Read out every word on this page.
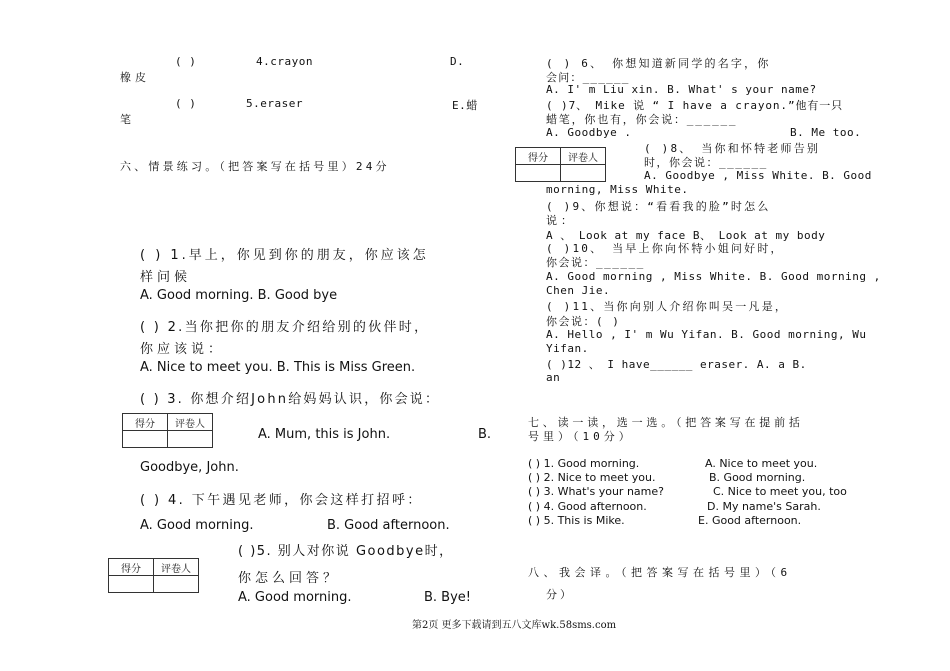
( )	4.crayon	D.
橡皮
( )	5.eraser	E.蜡
笔
六、情景练习。（把答案写在括号里）24分
( ) 1.早上，你见到你的朋友，你应该怎
样问候
A. Good morning. B. Good bye
( ) 2.当你把你的朋友介绍给别的伙伴时，
你应该说：
A. Nice to meet you. B. This is Miss Green.
( ) 3. 你想介绍John给妈妈认识，你会说：
得分	评卷人

A. Mum, this is John.	B.
Goodbye, John.
( ) 4. 下午遇见老师，你会这样打招呼：
A. Good morning.	B. Good afternoon.
( )5. 别人对你说 Goodbye时，
得分	评卷人

你怎么回答？
A. Good morning.	B. Bye!
( ) 6、 你想知道新同学的名字，你
会问：______
A. I' m Liu xin. B. What' s your name?
( )7、 Mike 说 “ I have a crayon.”他有一只
蜡笔，你也有，你会说：______
A. Goodbye .	B. Me too.
得分	评卷人

( )8、 当你和怀特老师告别
时，你会说：______
A. Goodbye , Miss White. B. Good
morning, Miss White.
( )9、你想说：“看看我的脸”时怎么
说：
A 、 Look at my face B、 Look at my body
( )10、 当早上你向怀特小姐问好时，
你会说：______
A. Good morning , Miss White. B. Good morning ,
Chen Jie.
( )11、当你向别人介绍你叫吴一凡是，
你会说：( )
A. Hello , I' m Wu Yifan. B. Good morning, Wu
Yifan.
( )12 、 I have______ eraser. A. a B.
an
七、读一读，选一选。（把答案写在提前括
号里）（10分）
( ) 1. Good morning.	A. Nice to meet you.
( ) 2. Nice to meet you.	B. Good morning.
( ) 3. What's your name?	C. Nice to meet you, too
( ) 4. Good afternoon.	D. My name's Sarah.
( ) 5. This is Mike.	E. Good afternoon.
八、我会译。（把答案写在括号里）（6
分）
第2页 更多下载请到五八文库wk.58sms.com
